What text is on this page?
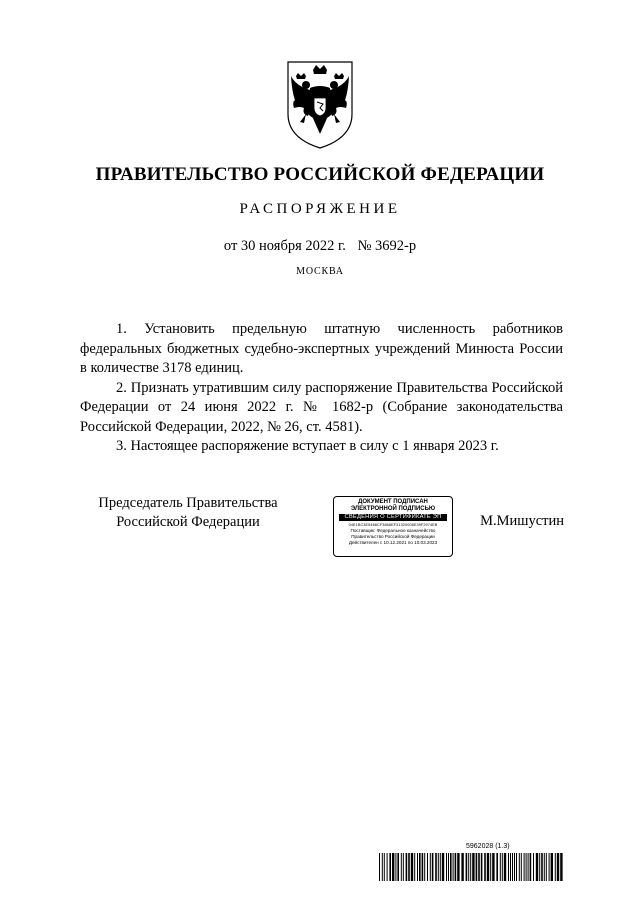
ПРАВИТЕЛЬСТВО РОССИЙСКОЙ ФЕДЕРАЦИИ
РАСПОРЯЖЕНИЕ
от 30 ноября 2022 г. № 3692-р
МОСКВА

1. Установить предельную штатную численность работников федеральных бюджетных судебно-экспертных учреждений Минюста России в количестве 3178 единиц.

2. Признать утратившим силу распоряжение Правительства Российской Федерации от 24 июня 2022 г. № 1682-р (Собрание законодательства Российской Федерации, 2022, № 26, ст. 4581).

3. Настоящее распоряжение вступает в силу с 1 января 2023 г.

Председатель Правительства
Российской Федерации
ДОКУМЕНТ ПОДПИСАН
ЭЛЕКТРОННОЙ ПОДПИСЬЮ
СВЕДЕНИЯ О СЕРТИФИКАТЕ ЭП
04E1BC3E5468CF3868EF31320008E39F2974EB
Поставщик: Федеральное казначейство
Правительство Российской Федерации
Действителен с 10.12.2021 по 10.03.2023
М.Мишустин
5962028 (1.3)
